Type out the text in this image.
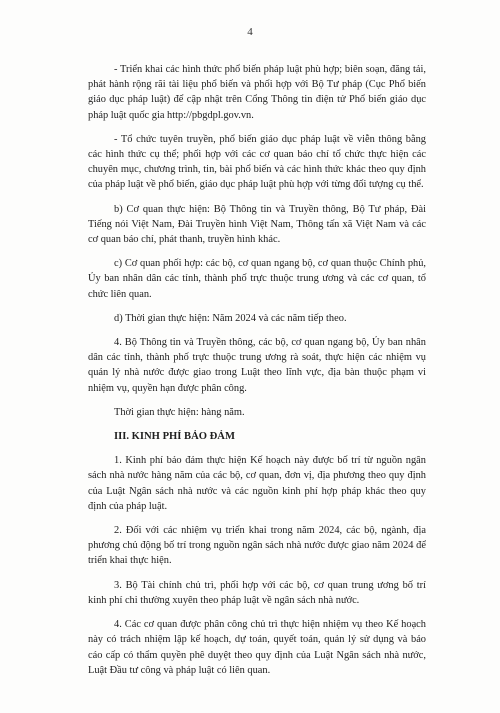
4

- Triển khai các hình thức phổ biến pháp luật phù hợp; biên soạn, đăng tải, phát hành rộng rãi tài liệu phổ biến và phối hợp với Bộ Tư pháp (Cục Phổ biến giáo dục pháp luật) để cập nhật trên Cổng Thông tin điện tử Phổ biến giáo dục pháp luật quốc gia http://pbgdpl.gov.vn.

- Tổ chức tuyên truyền, phổ biến giáo dục pháp luật về viễn thông bằng các hình thức cụ thể; phối hợp với các cơ quan báo chí tổ chức thực hiện các chuyên mục, chương trình, tin, bài phổ biến và các hình thức khác theo quy định của pháp luật về phổ biến, giáo dục pháp luật phù hợp với từng đối tượng cụ thể.

b) Cơ quan thực hiện: Bộ Thông tin và Truyền thông, Bộ Tư pháp, Đài Tiếng nói Việt Nam, Đài Truyền hình Việt Nam, Thông tấn xã Việt Nam và các cơ quan báo chí, phát thanh, truyền hình khác.

c) Cơ quan phối hợp: các bộ, cơ quan ngang bộ, cơ quan thuộc Chính phủ, Ủy ban nhân dân các tỉnh, thành phố trực thuộc trung ương và các cơ quan, tổ chức liên quan.

d) Thời gian thực hiện: Năm 2024 và các năm tiếp theo.

4. Bộ Thông tin và Truyền thông, các bộ, cơ quan ngang bộ, Ủy ban nhân dân các tỉnh, thành phố trực thuộc trung ương rà soát, thực hiện các nhiệm vụ quản lý nhà nước được giao trong Luật theo lĩnh vực, địa bàn thuộc phạm vi nhiệm vụ, quyền hạn được phân công.

Thời gian thực hiện: hàng năm.

III. KINH PHÍ BẢO ĐẢM

1. Kinh phí bảo đảm thực hiện Kế hoạch này được bố trí từ nguồn ngân sách nhà nước hàng năm của các bộ, cơ quan, đơn vị, địa phương theo quy định của Luật Ngân sách nhà nước và các nguồn kinh phí hợp pháp khác theo quy định của pháp luật.

2. Đối với các nhiệm vụ triển khai trong năm 2024, các bộ, ngành, địa phương chủ động bố trí trong nguồn ngân sách nhà nước được giao năm 2024 để triển khai thực hiện.

3. Bộ Tài chính chủ trì, phối hợp với các bộ, cơ quan trung ương bố trí kinh phí chi thường xuyên theo pháp luật về ngân sách nhà nước.

4. Các cơ quan được phân công chủ trì thực hiện nhiệm vụ theo Kế hoạch này có trách nhiệm lập kế hoạch, dự toán, quyết toán, quản lý sử dụng và báo cáo cấp có thẩm quyền phê duyệt theo quy định của Luật Ngân sách nhà nước, Luật Đầu tư công và pháp luật có liên quan.
